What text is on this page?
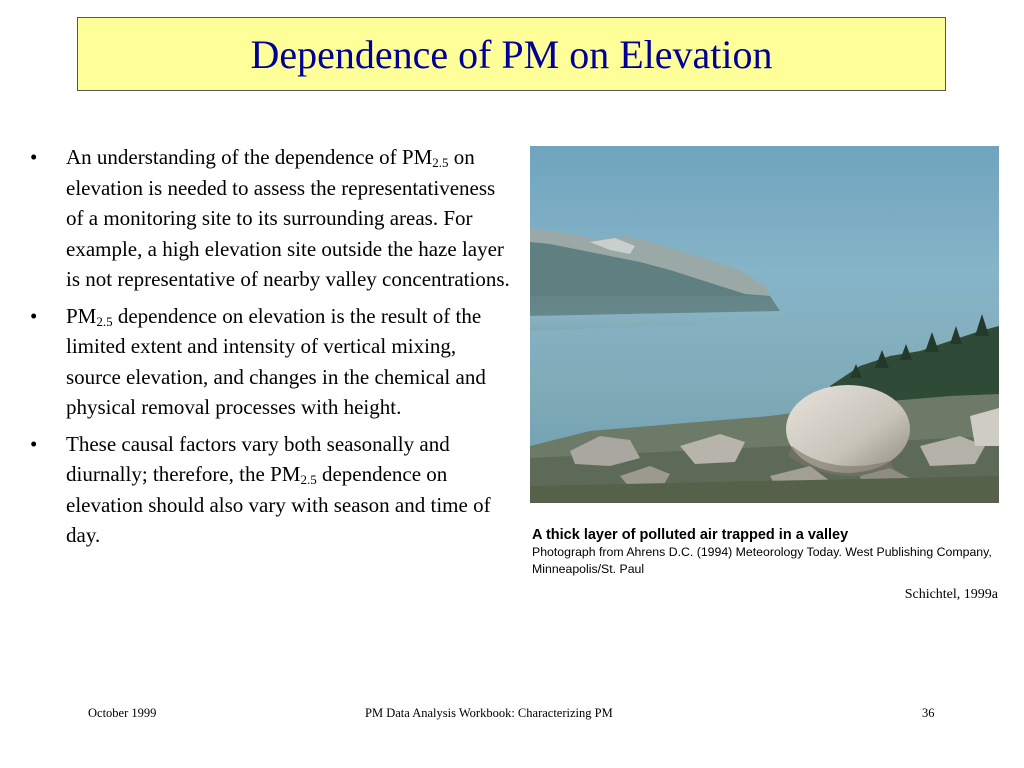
Dependence of PM on Elevation
•	An understanding of the dependence of $PM_{2.5}$ on elevation is needed to assess the representativeness of a monitoring site to its surrounding areas. For example, a high elevation site outside the haze layer is not representative of nearby valley concentrations.
•	$PM_{2.5}$ dependence on elevation is the result of the limited extent and intensity of vertical mixing, source elevation, and changes in the chemical and physical removal processes with height.
•	These causal factors vary both seasonally and diurnally; therefore, the $PM_{2.5}$ dependence on elevation should also vary with season and time of day.	A thick layer of polluted air trapped in a valley
Photograph from Ahrens D.C. (1994) Meteorology Today. West Publishing Company, Minneapolis/St. Paul
Schichtel, 1999a
October 1999	PM Data Analysis Workbook: Characterizing PM	36
